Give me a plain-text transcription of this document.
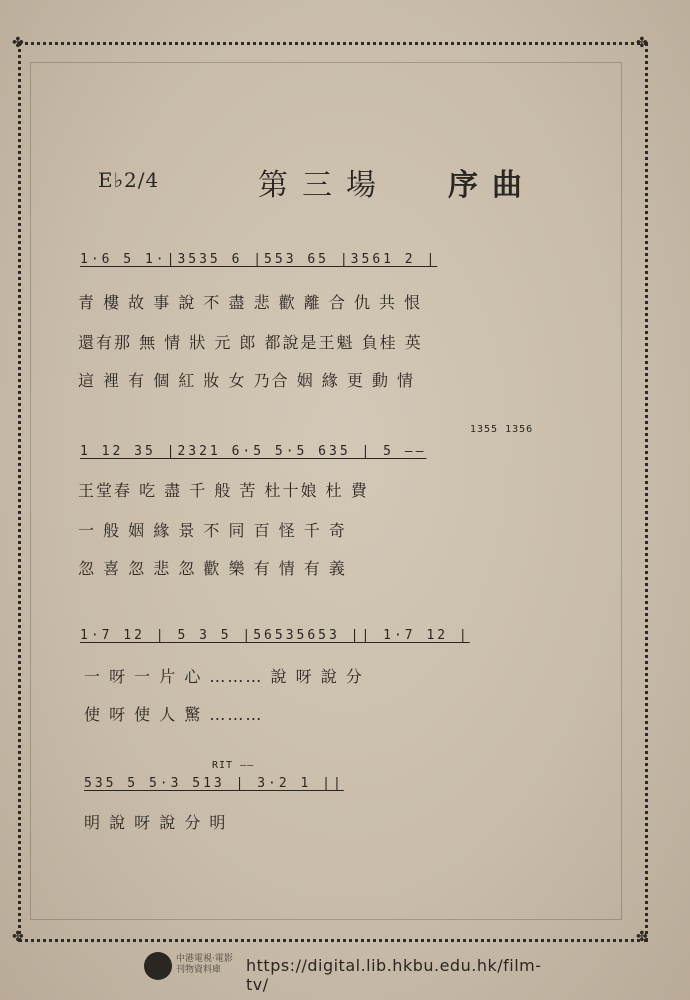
✤	✤
✤	✤
E♭2/4	第三場 序曲
1·6 5 1·|3535 6 |553 65 |3561 2 |
青 樓 故 事 說 不 盡 悲 歡 離 合 仇 共 恨
還有那 無 情 狀 元 郎 都說是王魁 負桂 英
這 裡 有 個 紅 妝 女 乃合 姻 緣 更 動 情
1355 1356
1 12 35 |2321 6·5 5·5 635 | 5 ——
王堂春 吃 盡 千 般 苦 杜十娘 杜 費
一 般 姻 緣 景 不 同 百 怪 千 奇
忽 喜 忽 悲 忽 歡 樂 有 情 有 義
1·7 12 | 5 3 5 |56535653 || 1·7 12 |
一 呀 一 片 心 ……… 說 呀 說 分
使 呀 使 人 驚 ………
RIT ——
535 5 5·3 513 | 3·2 1 ||
明 說 呀 說 分 明
中港電視‧電影
刊物資料庫	https://digital.lib.hkbu.edu.hk/film-tv/
